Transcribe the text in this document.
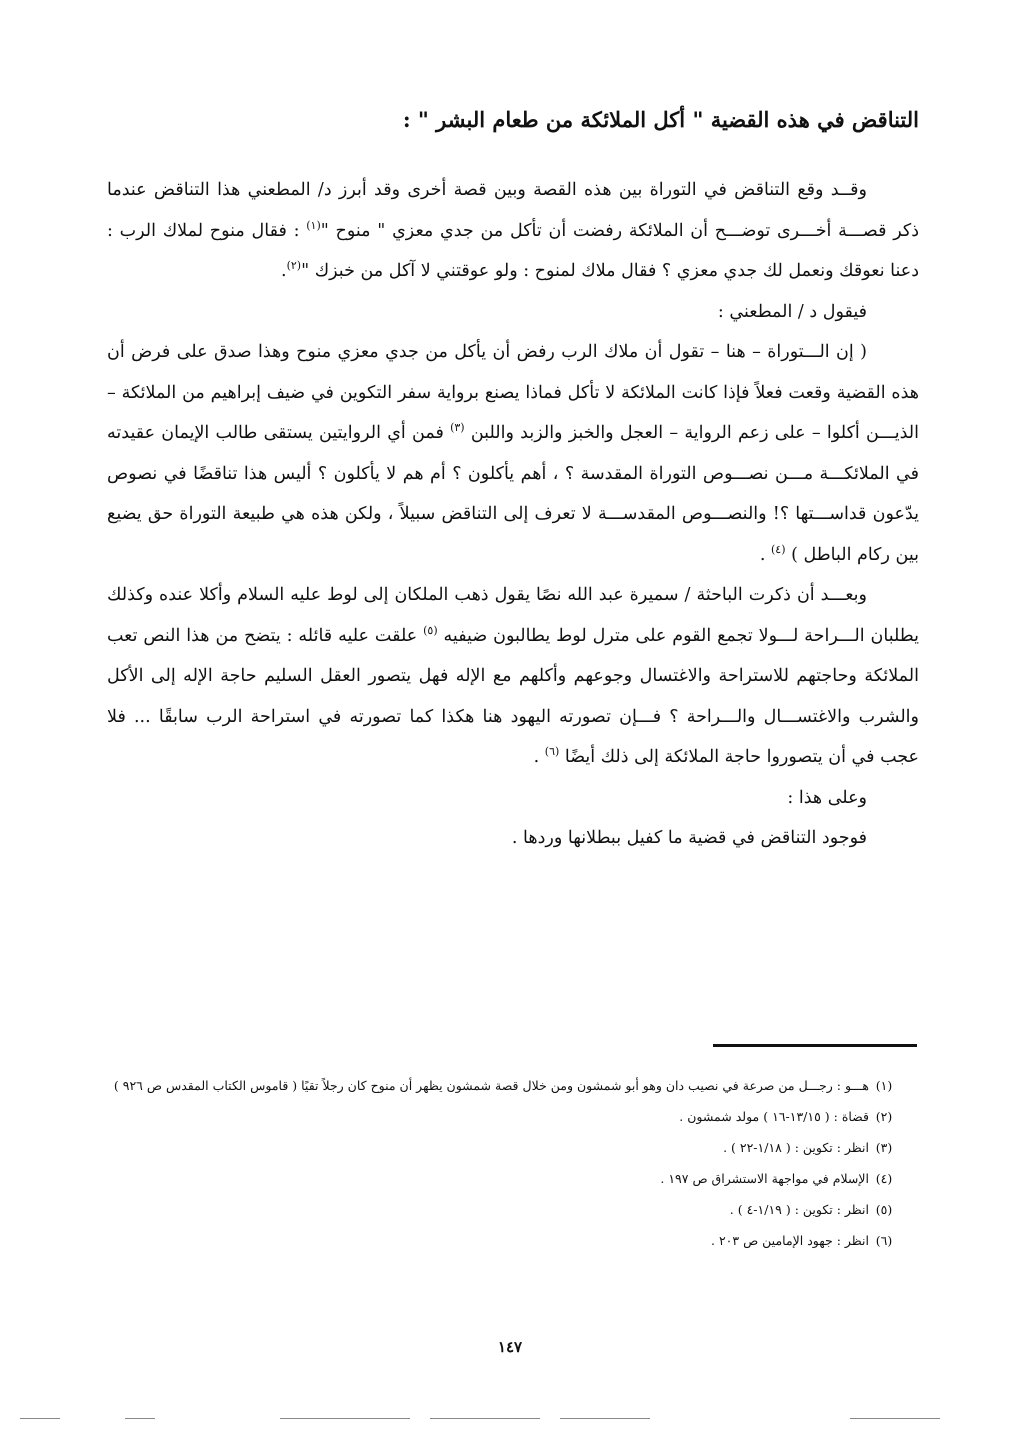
التناقض في هذه القضية " أكل الملائكة من طعام البشر " :

وقــد وقع التناقض في التوراة بين هذه القصة وبين قصة أخرى وقد أبرز د/ المطعني هذا التناقض عندما ذكر قصـــة أخـــرى توضـــح أن الملائكة رفضت أن تأكل من جدي معزي " منوح "$^{(١)}$ : فقال منوح لملاك الرب : دعنا نعوقك ونعمل لك جدي معزي ؟ فقال ملاك لمنوح : ولو عوقتني لا آكل من خبزك "$^{(٢)}$.

فيقول د / المطعني :

( إن الـــتوراة – هنا – تقول أن ملاك الرب رفض أن يأكل من جدي معزي منوح وهذا صدق على فرض أن هذه القضية وقعت فعلاً فإذا كانت الملائكة لا تأكل فماذا يصنع برواية سفر التكوين في ضيف إبراهيم من الملائكة – الذيـــن أكلوا – على زعم الرواية – العجل والخبز والزبد واللبن $^{(٣)}$ فمن أي الروايتين يستقى طالب الإيمان عقيدته في الملائكـــة مـــن نصـــوص التوراة المقدسة ؟ ، أهم يأكلون ؟ أم هم لا يأكلون ؟ أليس هذا تناقضًا في نصوص يدّعون قداســـتها ؟! والنصـــوص المقدســـة لا تعرف إلى التناقض سبيلاً ، ولكن هذه هي طبيعة التوراة حق يضيع بين ركام الباطل ) $^{(٤)}$ .

وبعـــد أن ذكرت الباحثة / سميرة عبد الله نصًا يقول ذهب الملكان إلى لوط عليه السلام وأكلا عنده وكذلك يطلبان الـــراحة لـــولا تجمع القوم على مترل لوط يطالبون ضيفيه $^{(٥)}$ علقت عليه قائله : يتضح من هذا النص تعب الملائكة وحاجتهم للاستراحة والاغتسال وجوعهم وأكلهم مع الإله فهل يتصور العقل السليم حاجة الإله إلى الأكل والشرب والاغتســـال والـــراحة ؟ فـــإن تصورته اليهود هنا هكذا كما تصورته في استراحة الرب سابقًا ... فلا عجب في أن يتصوروا حاجة الملائكة إلى ذلك أيضًا $^{(٦)}$ .

وعلى هذا :

فوجود التناقض في قضية ما كفيل ببطلانها وردها .

(١)
هـــو : رجـــل من صرعة في نصيب دان وهو أبو شمشون ومن خلال قصة شمشون يظهر أن منوح كان رجلاً تقيًا ( قاموس الكتاب المقدس ص ٩٢٦ )
(٢)
قضاة : ( ١٣/١٥-١٦ ) مولد شمشون .
(٣)
انظر : تكوين : ( ١/١٨-٢٢ ) .
(٤)
الإسلام في مواجهة الاستشراق ص ١٩٧ .
(٥)
انظر : تكوين : ( ١/١٩-٤ ) .
(٦)
انظر : جهود الإمامين ص ٢٠٣ .
١٤٧
